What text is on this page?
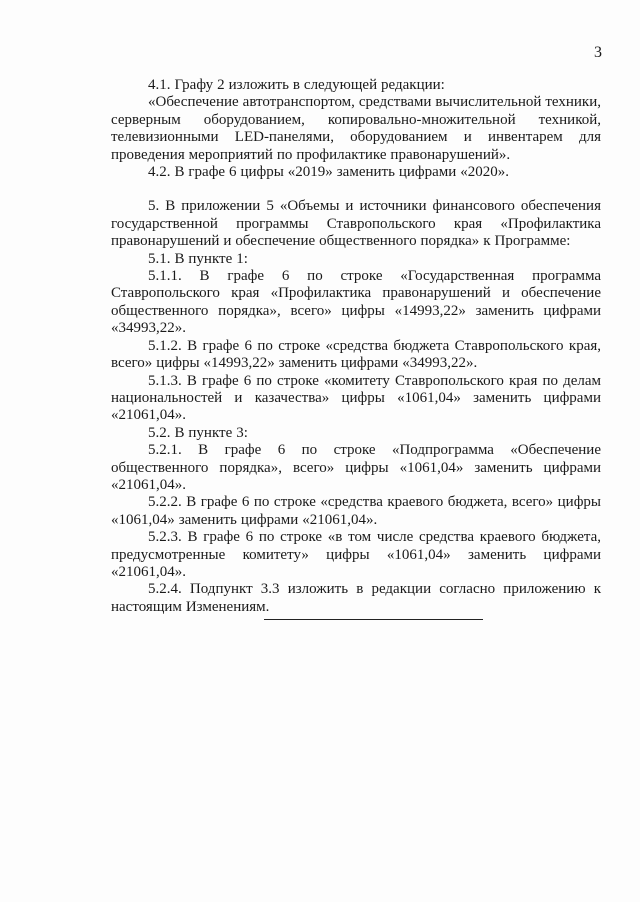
3

4.1. Графу 2 изложить в следующей редакции:

«Обеспечение автотранспортом, средствами вычислительной техники, серверным оборудованием, копировально-множительной техникой, телевизионными LED-панелями, оборудованием и инвентарем для проведения мероприятий по профилактике правонарушений».

4.2. В графе 6 цифры «2019» заменить цифрами «2020».

5. В приложении 5 «Объемы и источники финансового обеспечения государственной программы Ставропольского края «Профилактика правонарушений и обеспечение общественного порядка» к Программе:

5.1. В пункте 1:

5.1.1. В графе 6 по строке «Государственная программа Ставропольского края «Профилактика правонарушений и обеспечение общественного порядка», всего» цифры «14993,22» заменить цифрами «34993,22».

5.1.2. В графе 6 по строке «средства бюджета Ставропольского края, всего» цифры «14993,22» заменить цифрами «34993,22».

5.1.3. В графе 6 по строке «комитету Ставропольского края по делам национальностей и казачества» цифры «1061,04» заменить цифрами «21061,04».

5.2. В пункте 3:

5.2.1. В графе 6 по строке «Подпрограмма «Обеспечение общественного порядка», всего» цифры «1061,04» заменить цифрами «21061,04».

5.2.2. В графе 6 по строке «средства краевого бюджета, всего» цифры «1061,04» заменить цифрами «21061,04».

5.2.3. В графе 6 по строке «в том числе средства краевого бюджета, предусмотренные комитету» цифры «1061,04» заменить цифрами «21061,04».

5.2.4. Подпункт 3.3 изложить в редакции согласно приложению к настоящим Изменениям.
